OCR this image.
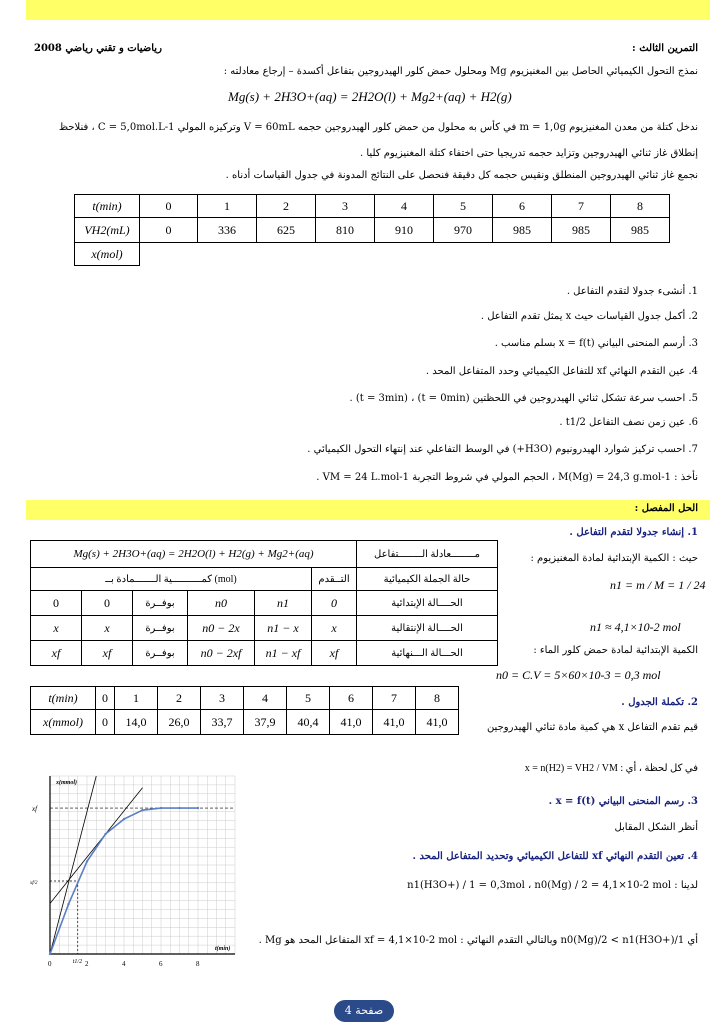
رياضيات و تقني رياضي 2008	التمرين الثالث :
نمذج التحول الكيميائي الحاصل بين المغنيزيوم Mg ومحلول حمض كلور الهيدروجين بتفاعل أكسدة – إرجاع معادلته :
Mg(s) + 2H3O+(aq) = 2H2O(l) + Mg2+(aq) + H2(g)
ندخل كتلة من معدن المغنيزيوم m = 1,0g في كأس به محلول من حمض كلور الهيدروجين حجمه V = 60mL وتركيزه المولي C = 5,0mol.L-1 ، فنلاحظ
إنطلاق غاز ثنائي الهيدروجين وتزايد حجمه تدريجيا حتى اختفاء كتلة المغنيزيوم كليا .
نجمع غاز ثنائي الهيدروجين المنطلق ونقيس حجمه كل دقيقة فنحصل على النتائج المدونة في جدول القياسات أدناه .
t(min)	0	1	2	3	4	5	6	7	8
VH2(mL)	0	336	625	810	910	970	985	985	985
x(mol)									
1. أنشىء جدولا لتقدم التفاعل .
2. أكمل جدول القياسات حيث x يمثل تقدم التفاعل .
3. أرسم المنحنى البياني x = f(t) بسلم مناسب .
4. عين التقدم النهائي xf للتفاعل الكيميائي وحدد المتفاعل المحد .
5. احسب سرعة تشكل ثنائي الهيدروجين في اللحظتين (t = 0min) ، (t = 3min) .
6. عين زمن نصف التفاعل t1/2 .
7. احسب تركيز شوارد الهيدرونيوم (H3O+) في الوسط التفاعلي عند إنتهاء التحول الكيميائي .
نأخذ : M(Mg) = 24,3 g.mol-1 ، الحجم المولي في شروط التجربة VM = 24 L.mol-1 .
الحل المفصل :
1. إنشاء جدولا لتقدم التفاعل .
Mg(s) + 2H3O+(aq) = 2H2O(l) + H2(g) + Mg2+(aq)						مــــــــعادلة الــــــــتفاعل
كمــــــــــية الـــــــمادة بــ (mol)					التــقدم	حالة الجملة الكيميائية
0	0	بوفــرة	n0	n1	0	الحــــالة الإبتدائية
x	x	بوفــرة	n0 − 2x	n1 − x	x	الحــــالة الإنتقالية
xf	xf	بوفــرة	n0 − 2xf	n1 − xf	xf	الحـــالة الـــنهائية
حيث : الكمية الإبتدائية لمادة المغنيزيوم :
n1 = m / M = 1 / 24
n1 ≈ 4,1×10-2 mol
الكمية الإبتدائية لمادة حمض كلور الماء :
n0 = C.V = 5×60×10-3 = 0,3 mol
t(min)	0	1	2	3	4	5	6	7	8
x(mmol)	0	14,0	26,0	33,7	37,9	40,4	41,0	41,0	41,0
2. تكملة الجدول .
قيم تقدم التفاعل x هي كمية مادة ثنائي الهيدروجين
في كل لحظة ، أي : x = n(H2) = VH2 / VM
3. رسم المنحنى البياني x = f(t) .
أنظر الشكل المقابل
4. تعين التقدم النهائي xf للتفاعل الكيميائي وتحديد المتفاعل المحد .
لدينا : n1(H3O+) / 1 = 0,3mol ، n0(Mg) / 2 = 4,1×10-2 mol
أي n0(Mg)/2 < n1(H3O+)/1 وبالتالي التقدم النهائي : xf = 4,1×10-2 mol المتفاعل المحد هو Mg .
x(mmol)
t(min)
xf
xf/2
t1/2
0	2	4	6	8
صفحة 4
